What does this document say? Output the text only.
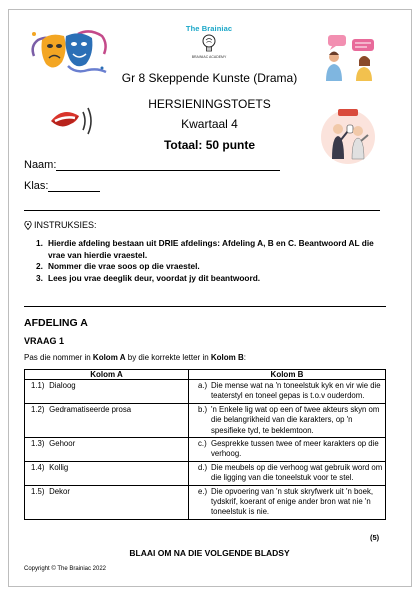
The Brainiac
BRAINIAC ACADEMY
Gr 8 Skeppende Kunste (Drama)
HERSIENINGSTOETS
Kwartaal 4
Totaal: 50 punte
Naam:
Klas:
INSTRUKSIES:
1. Hierdie afdeling bestaan uit DRIE afdelings: Afdeling A, B en C. Beantwoord AL die vrae van hierdie vraestel.
2. Nommer die vrae soos op die vraestel.
3. Lees jou vrae deeglik deur, voordat jy dit beantwoord.
AFDELING A
VRAAG 1
Pas die nommer in Kolom A by die korrekte letter in Kolom B:
Kolom A	Kolom B
1.1) Dialoog	a.) Die mense wat na 'n toneelstuk kyk en vir wie die teaterstyl en toneel gepas is t.o.v ouderdom.

1.2) Gedramatiseerde prosa	b.) 'n Enkele lig wat op een of twee akteurs skyn om die belangrikheid van die karakters, op 'n spesifieke tyd, te beklemtoon.

1.3) Gehoor	c.) Gesprekke tussen twee of meer karakters op die verhoog.

1.4) Kollig	d.) Die meubels op die verhoog wat gebruik word om die ligging van die toneelstuk voor te stel.

1.5) Dekor	e.) Die opvoering van 'n stuk skryfwerk uit 'n boek, tydskrif, koerant of enige ander bron wat nie 'n toneelstuk is nie.
(5)
BLAAI OM NA DIE VOLGENDE BLADSY
Copyright © The Brainiac 2022
